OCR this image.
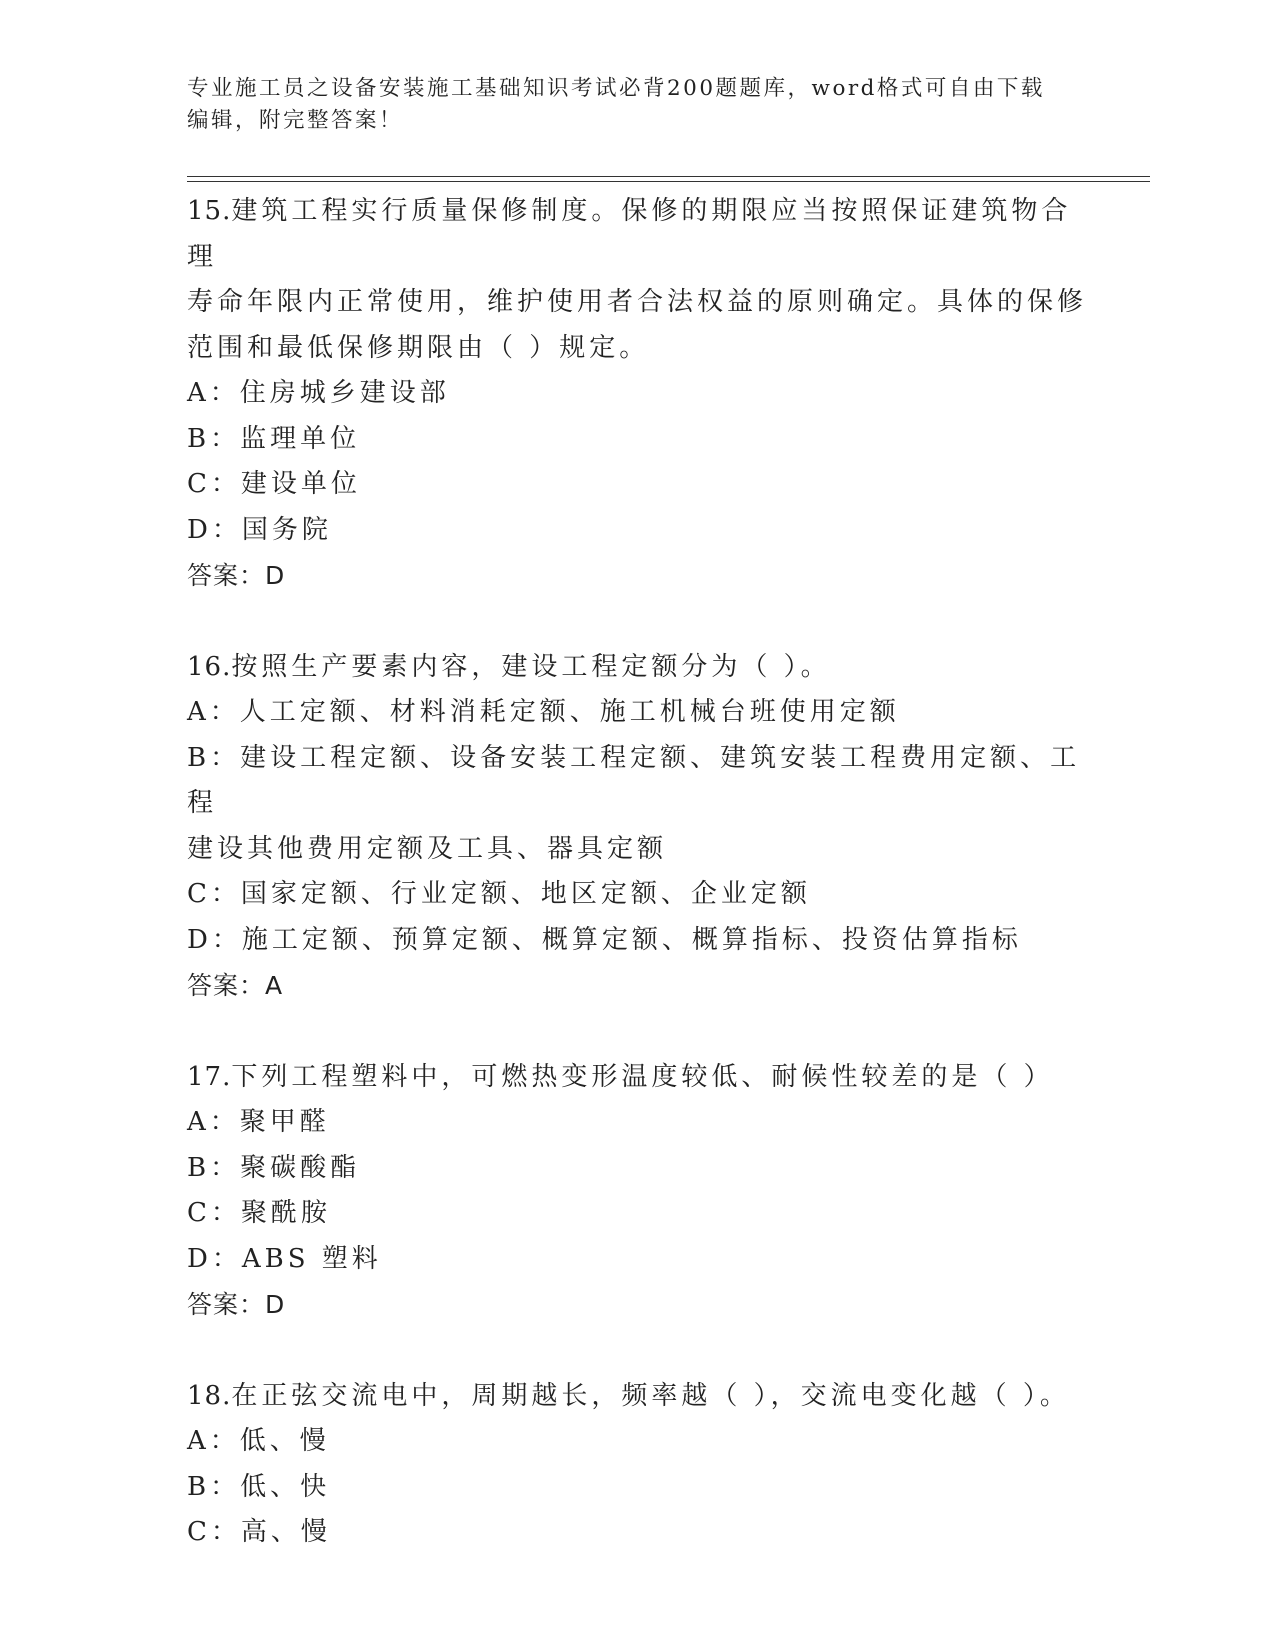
专业施工员之设备安装施工基础知识考试必背200题题库，word格式可自由下载
编辑，附完整答案！

15.建筑工程实行质量保修制度。保修的期限应当按照保证建筑物合理

寿命年限内正常使用，维护使用者合法权益的原则确定。具体的保修

范围和最低保修期限由（ ）规定。

A：住房城乡建设部

B：监理单位

C：建设单位

D：国务院

答案：D

16.按照生产要素内容，建设工程定额分为（ ）。

A：人工定额、材料消耗定额、施工机械台班使用定额

B：建设工程定额、设备安装工程定额、建筑安装工程费用定额、工程

建设其他费用定额及工具、器具定额

C：国家定额、行业定额、地区定额、企业定额

D：施工定额、预算定额、概算定额、概算指标、投资估算指标

答案：A

17.下列工程塑料中，可燃热变形温度较低、耐候性较差的是（ ）

A：聚甲醛

B：聚碳酸酯

C：聚酰胺

D：ABS 塑料

答案：D

18.在正弦交流电中，周期越长，频率越（ ），交流电变化越（ ）。

A：低、慢

B：低、快

C：高、慢
